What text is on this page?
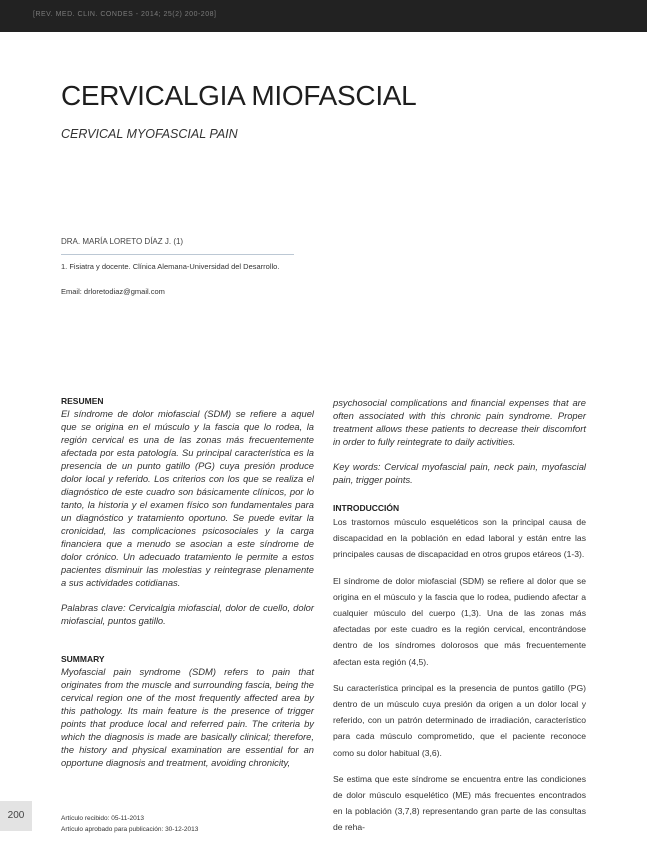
[REV. MED. CLIN. CONDES - 2014; 25(2) 200-208]
CERVICALGIA MIOFASCIAL
CERVICAL MYOFASCIAL PAIN
DRA. MARÍA LORETO DÍAZ J. (1)
1. Fisiatra y docente. Clínica Alemana-Universidad del Desarrollo.
Email: drloretodiaz@gmail.com

RESUMEN

El síndrome de dolor miofascial (SDM) se refiere a aquel que se origina en el músculo y la fascia que lo rodea, la región cervical es una de las zonas más frecuentemente afectada por esta patología. Su principal característica es la presencia de un punto gatillo (PG) cuya presión produce dolor local y referido. Los criterios con los que se realiza el diagnóstico de este cuadro son básicamente clínicos, por lo tanto, la historia y el examen físico son fundamentales para un diagnóstico y tratamiento oportuno. Se puede evitar la cronicidad, las complicaciones psicosociales y la carga financiera que a menudo se asocian a este síndrome de dolor crónico. Un adecuado tratamiento le permite a estos pacientes disminuir las molestias y reintegrase plenamente a sus actividades cotidianas.

Palabras clave: Cervicalgia miofascial, dolor de cuello, dolor miofascial, puntos gatillo.

SUMMARY

Myofascial pain syndrome (SDM) refers to pain that originates from the muscle and surrounding fascia, being the cervical region one of the most frequently affected area by this pathology. Its main feature is the presence of trigger points that produce local and referred pain. The criteria by which the diagnosis is made are basically clinical; therefore, the history and physical examination are essential for an opportune diagnosis and treatment, avoiding chronicity,

psychosocial complications and financial expenses that are often associated with this chronic pain syndrome. Proper treatment allows these patients to decrease their discomfort in order to fully reintegrate to daily activities.

Key words: Cervical myofascial pain, neck pain, myofascial pain, trigger points.

INTRODUCCIÓN

Los trastornos músculo esqueléticos son la principal causa de discapacidad en la población en edad laboral y están entre las principales causas de discapacidad en otros grupos etáreos (1-3).

El síndrome de dolor miofascial (SDM) se refiere al dolor que se origina en el músculo y la fascia que lo rodea, pudiendo afectar a cualquier músculo del cuerpo (1,3). Una de las zonas más afectadas por este cuadro es la región cervical, encontrándose dentro de los síndromes dolorosos que más frecuentemente afectan esta región (4,5).

Su característica principal es la presencia de puntos gatillo (PG) dentro de un músculo cuya presión da origen a un dolor local y referido, con un patrón determinado de irradiación, característico para cada músculo comprometido, que el paciente reconoce como su dolor habitual (3,6).

Se estima que este síndrome se encuentra entre las condiciones de dolor músculo esquelético (ME) más frecuentes encontrados en la población (3,7,8) representando gran parte de las consultas de reha-

200	Artículo recibido: 05-11-2013
Artículo aprobado para publicación: 30-12-2013
